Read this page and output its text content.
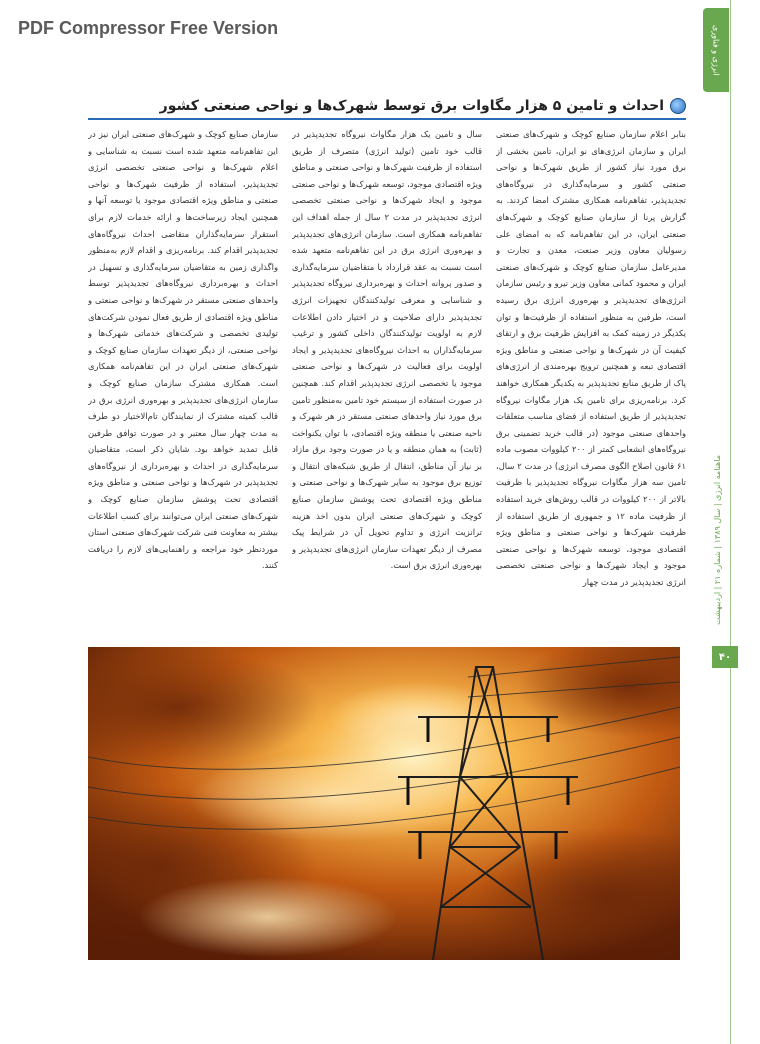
PDF Compressor Free Version	انرژی و فناوری
ماهنامه انرژی | سال ۱۳۸۹ | شماره ۲۱ | اردیبهشت
۴۰
احداث و تامین ۵ هزار مگاوات برق توسط شهرک‌ها و نواحی صنعتی کشور

بنابر اعلام سازمان صنایع کوچک و شهرک‌های صنعتی ایران و سازمان انرژی‌های نو ایران، تامین بخشی از برق مورد نیاز کشور از طریق شهرک‌ها و نواحی صنعتی کشور و سرمایه‌گذاری در نیروگاه‌های تجدیدپذیر، تفاهم‌نامه همکاری مشترک امضا کردند. به گزارش پرنا از سازمان صنایع کوچک و شهرک‌های صنعتی ایران، در این تفاهم‌نامه که به امضای علی رسولیان معاون وزیر صنعت، معدن و تجارت و مدیرعامل سازمان صنایع کوچک و شهرک‌های صنعتی ایران و محمود کمانی معاون وزیر نیرو و رئیس سازمان انرژی‌های تجدیدپذیر و بهره‌وری انرژی برق رسیده است، طرفین به منظور استفاده از ظرفیت‌ها و توان یکدیگر در زمینه کمک به افزایش ظرفیت برق و ارتقای کیفیت آن در شهرک‌ها و نواحی صنعتی و مناطق ویژه اقتصادی تبعه و همچنین ترویج بهره‌مندی از انرژی‌های پاک از طریق منابع تجدیدپذیر به یکدیگر همکاری خواهند کرد. برنامه‌ریزی برای تامین یک هزار مگاوات نیروگاه تجدیدپذیر از طریق استفاده از فضای مناسب متعلقات واحدهای صنعتی موجود (در قالب خرید تضمینی برق نیروگاه‌های انشعابی کمتر از ۲۰۰ کیلووات مصوب ماده ۶۱ قانون اصلاح الگوی مصرف انرژی) در مدت ۲ سال، تامین سه هزار مگاوات نیروگاه تجدیدپذیر با ظرفیت بالاتر از ۲۰۰ کیلووات در قالب روش‌های خرید استفاده از ظرفیت ماده ۱۲ و جمهوری از طریق استفاده از ظرفیت شهرک‌ها و نواحی صنعتی و مناطق ویژه اقتصادی موجود، توسعه شهرک‌ها و نواحی صنعتی موجود و ایجاد شهرک‌ها و نواحی صنعتی تخصصی انرژی تجدیدپذیر در مدت چهار

سال و تامین یک هزار مگاوات نیروگاه تجدیدپذیر در قالب خود تامین (تولید انرژی) متصرف از طریق استفاده از ظرفیت شهرک‌ها و نواحی صنعتی و مناطق ویژه اقتصادی موجود، توسعه شهرک‌ها و نواحی صنعتی موجود و ایجاد شهرک‌ها و نواحی صنعتی تخصصی انرژی تجدیدپذیر در مدت ۲ سال از جمله اهداف این تفاهم‌نامه همکاری است. سازمان انرژی‌های تجدیدپذیر و بهره‌وری انرژی برق در این تفاهم‌نامه متعهد شده است نسبت به عقد قرارداد با متقاضیان سرمایه‌گذاری و صدور پروانه احداث و بهره‌برداری نیروگاه تجدیدپذیر و شناسایی و معرفی تولیدکنندگان تجهیزات انرژی تجدیدپذیر دارای صلاحیت و در اختیار دادن اطلاعات لازم به اولویت تولیدکنندگان داخلی کشور و ترغیب سرمایه‌گذاران به احداث نیروگاه‌های تجدیدپذیر و ایجاد اولویت برای فعالیت در شهرک‌ها و نواحی صنعتی موجود یا تخصصی انرژی تجدیدپذیر اقدام کند. همچنین در صورت استفاده از سیستم خود تامین به‌منظور تامین برق مورد نیاز واحدهای صنعتی مستقر در هر شهرک و ناحیه صنعتی یا منطقه ویژه اقتصادی، با توان یکنواخت (ثابت) به همان منطقه و یا در صورت وجود برق مازاد بر نیاز آن مناطق، انتقال از طریق شبکه‌های انتقال و توزیع برق موجود به سایر شهرک‌ها و نواحی صنعتی و مناطق ویژه اقتصادی تحت پوشش سازمان صنایع کوچک و شهرک‌های صنعتی ایران بدون اخذ هزینه ترانزیت انرژی و تداوم تحویل آن در شرایط پیک مصرف از دیگر تعهدات سازمان انرژی‌های تجدیدپذیر و بهره‌وری انرژی برق است.

سازمان صنایع کوچک و شهرک‌های صنعتی ایران نیز در این تفاهم‌نامه متعهد شده است نسبت به شناسایی و اعلام شهرک‌ها و نواحی صنعتی تخصصی انرژی تجدیدپذیر، استفاده از ظرفیت شهرک‌ها و نواحی صنعتی و مناطق ویژه اقتصادی موجود یا توسعه آنها و همچنین ایجاد زیرساخت‌ها و ارائه خدمات لازم برای استقرار سرمایه‌گذاران متقاضی احداث نیروگاه‌های تجدیدپذیر اقدام کند. برنامه‌ریزی و اقدام لازم به‌منظور واگذاری زمین به متقاضیان سرمایه‌گذاری و تسهیل در احداث و بهره‌برداری نیروگاه‌های تجدیدپذیر توسط واحدهای صنعتی مستقر در شهرک‌ها و نواحی صنعتی و مناطق ویژه اقتصادی از طریق فعال نمودن شرکت‌های تولیدی تخصصی و شرکت‌های خدماتی شهرک‌ها و نواحی صنعتی، از دیگر تعهدات سازمان صنایع کوچک و شهرک‌های صنعتی ایران در این تفاهم‌نامه همکاری است. همکاری مشترک سازمان صنایع کوچک و سازمان انرژی‌های تجدیدپذیر و بهره‌وری انرژی برق در قالب کمیته مشترک از نمایندگان تام‌الاختیار دو طرف به مدت چهار سال معتبر و در صورت توافق طرفین قابل تمدید خواهد بود. شایان ذکر است، متقاضیان سرمایه‌گذاری در احداث و بهره‌برداری از نیروگاه‌های تجدیدپذیر در شهرک‌ها و نواحی صنعتی و مناطق ویژه اقتصادی تحت پوشش سازمان صنایع کوچک و شهرک‌های صنعتی ایران می‌توانند برای کسب اطلاعات بیشتر به معاونت فنی شرکت شهرک‌های صنعتی استان موردنظر خود مراجعه و راهنمایی‌های لازم را دریافت کنند.
